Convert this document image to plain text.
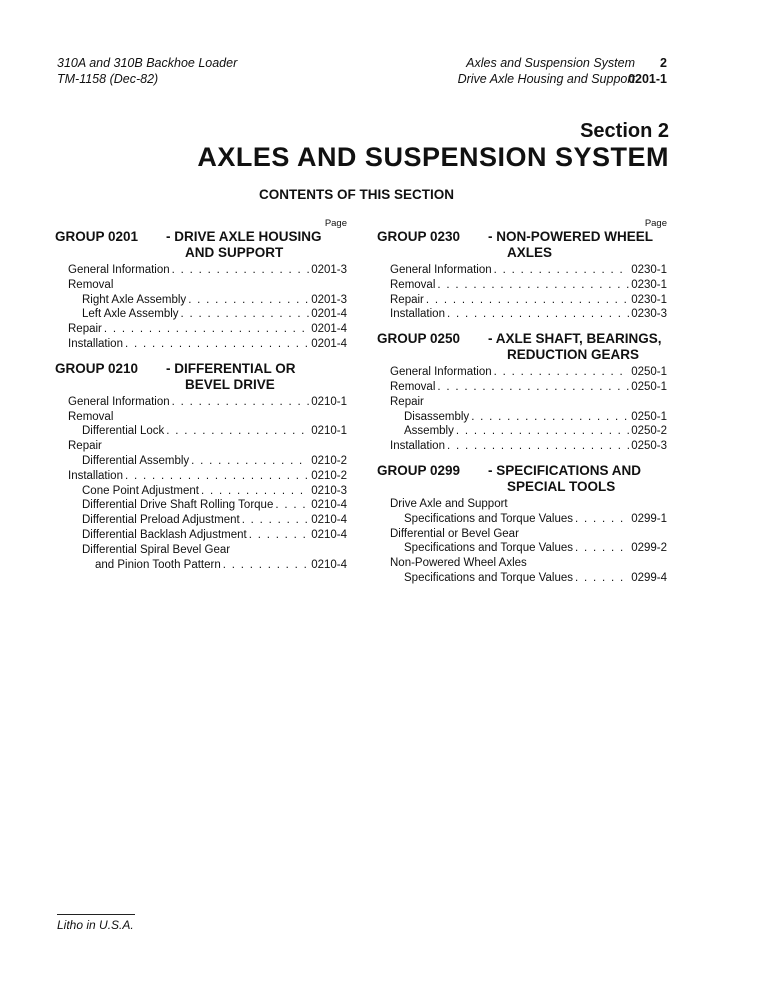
310A and 310B Backhoe Loader
TM-1158 (Dec-82)
Axles and Suspension System
Drive Axle Housing and Support
2
0201-1
Section 2
AXLES AND SUSPENSION SYSTEM
CONTENTS OF THIS SECTION
Page
GROUP 0201	- DRIVE AXLE HOUSING
AND SUPPORT
General Information . . .	0201-3
Removal
Right Axle Assembly . . .	0201-3
Left Axle Assembly . . .	0201-4
Repair . . .	0201-4
Installation . . .	0201-4
GROUP 0210	- DIFFERENTIAL OR
BEVEL DRIVE
General Information . . .	0210-1
Removal
Differential Lock . . .	0210-1
Repair
Differential Assembly . . .	0210-2
Installation . . .	0210-2
Cone Point Adjustment . . .	0210-3
Differential Drive Shaft Rolling Torque . . .	0210-4
Differential Preload Adjustment . . .	0210-4
Differential Backlash Adjustment . . .	0210-4
Differential Spiral Bevel Gear
and Pinion Tooth Pattern . . .	0210-4
Page
GROUP 0230	- NON-POWERED WHEEL
AXLES
General Information . . .	0230-1
Removal . . .	0230-1
Repair . . .	0230-1
Installation . . .	0230-3
GROUP 0250	- AXLE SHAFT, BEARINGS,
REDUCTION GEARS
General Information . . .	0250-1
Removal . . .	0250-1
Repair
Disassembly . . .	0250-1
Assembly . . .	0250-2
Installation . . .	0250-3
GROUP 0299	- SPECIFICATIONS AND
SPECIAL TOOLS
Drive Axle and Support
Specifications and Torque Values . . .	0299-1
Differential or Bevel Gear
Specifications and Torque Values . . .	0299-2
Non-Powered Wheel Axles
Specifications and Torque Values . . .	0299-4
Litho in U.S.A.
